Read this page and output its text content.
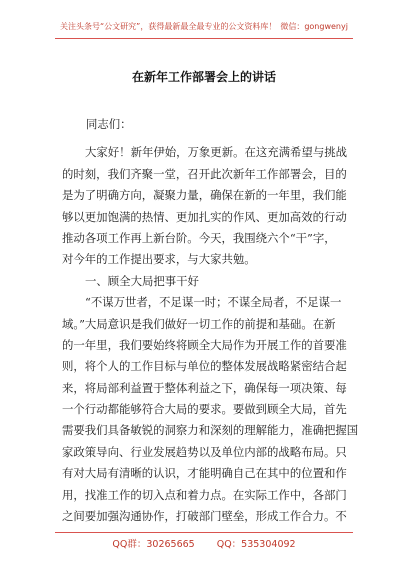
关注头条号“公文研究”，获得最新最全最专业的公文资料库！ 微信：gongwenyj
在新年工作部署会上的讲话
同志们：
大家好！新年伊始，万象更新。在这充满希望与挑战
的时刻，我们齐聚一堂，召开此次新年工作部署会，目的
是为了明确方向，凝聚力量，确保在新的一年里，我们能
够以更加饱满的热情、更加扎实的作风、更加高效的行动
推动各项工作再上新台阶。今天，我围绕六个“干”字，
对今年的工作提出要求，与大家共勉。
一、顾全大局把事干好
“不谋万世者，不足谋一时；不谋全局者，不足谋一
域。”大局意识是我们做好一切工作的前提和基础。在新
的一年里，我们要始终将顾全大局作为开展工作的首要准
则，将个人的工作目标与单位的整体发展战略紧密结合起
来，将局部利益置于整体利益之下，确保每一项决策、每
一个行动都能够符合大局的要求。要做到顾全大局，首先
需要我们具备敏锐的洞察力和深刻的理解能力，准确把握国
家政策导向、行业发展趋势以及单位内部的战略布局。只
有对大局有清晰的认识，才能明确自己在其中的位置和作
用，找准工作的切入点和着力点。在实际工作中，各部门
之间要加强沟通协作，打破部门壁垒，形成工作合力。不
QQ群：30265665 QQ：535304092
